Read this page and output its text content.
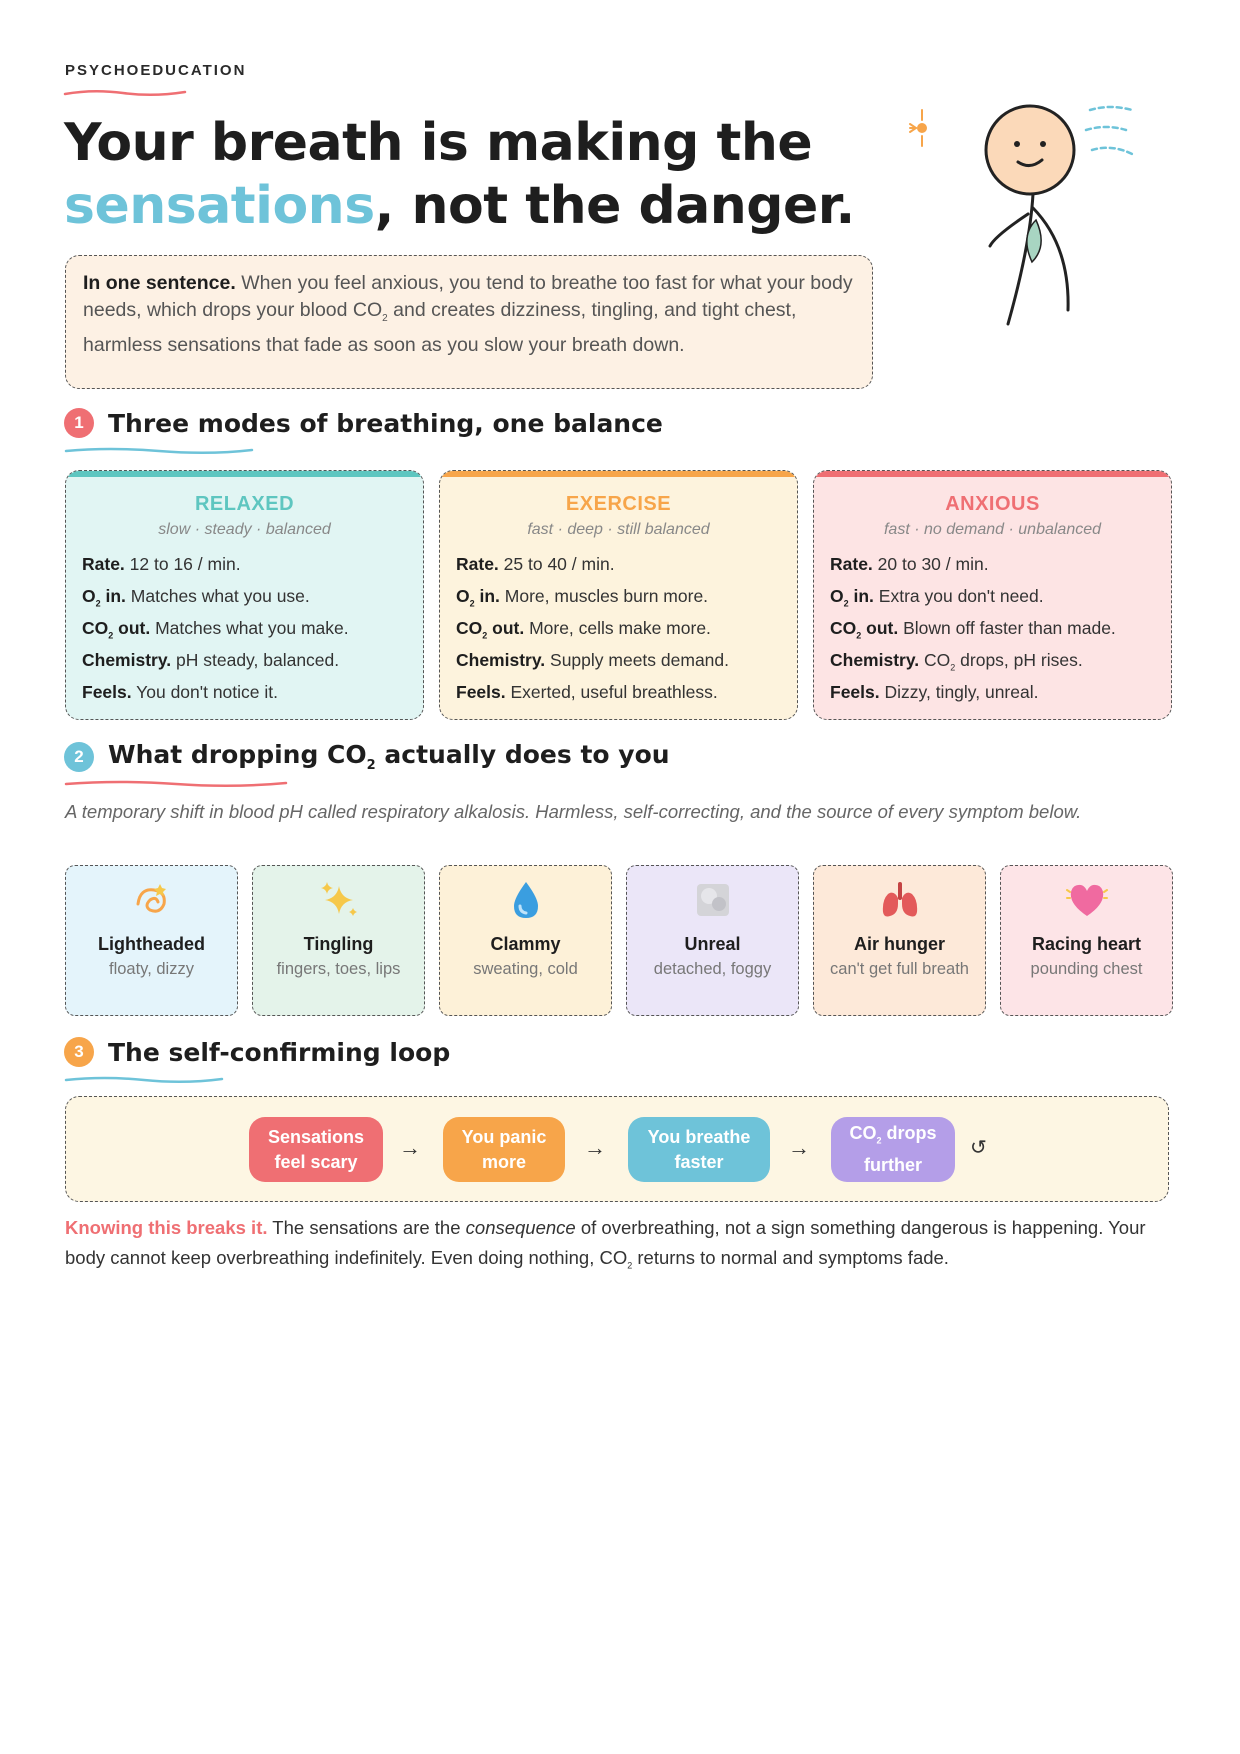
PSYCHOEDUCATION
Your breath is making the
sensations, not the danger.
In one sentence. When you feel anxious, you tend to breathe too fast for what your body needs, which drops your blood $CO_2$ and creates dizziness, tingling, and tight chest, harmless sensations that fade as soon as you slow your breath down.
1 Three modes of breathing, one balance
RELAXED
slow · steady · balanced
Rate. 12 to 16 / min.
$O_2$ in. Matches what you use.
$CO_2$ out. Matches what you make.
Chemistry. pH steady, balanced.
Feels. You don't notice it.
EXERCISE
fast · deep · still balanced
Rate. 25 to 40 / min.
$O_2$ in. More, muscles burn more.
$CO_2$ out. More, cells make more.
Chemistry. Supply meets demand.
Feels. Exerted, useful breathless.
ANXIOUS
fast · no demand · unbalanced
Rate. 20 to 30 / min.
$O_2$ in. Extra you don't need.
$CO_2$ out. Blown off faster than made.
Chemistry. $CO_2$ drops, pH rises.
Feels. Dizzy, tingly, unreal.
2 What dropping $CO_2$ actually does to you
A temporary shift in blood pH called respiratory alkalosis. Harmless, self-correcting, and the source of every symptom below.
Lightheaded
floaty, dizzy
Tingling
fingers, toes, lips
Clammy
sweating, cold
Unreal
detached, foggy
Air hunger
can't get full breath
Racing heart
pounding chest
3 The self-confirming loop
Sensations
feel scary
→ You panic
more
→ You breathe
faster
→
$CO_2$ drops
further
↺
Knowing this breaks it. The sensations are the consequence of overbreathing, not a sign something dangerous is happening. Your body cannot keep overbreathing indefinitely. Even doing nothing, $CO_2$ returns to normal and symptoms fade.
